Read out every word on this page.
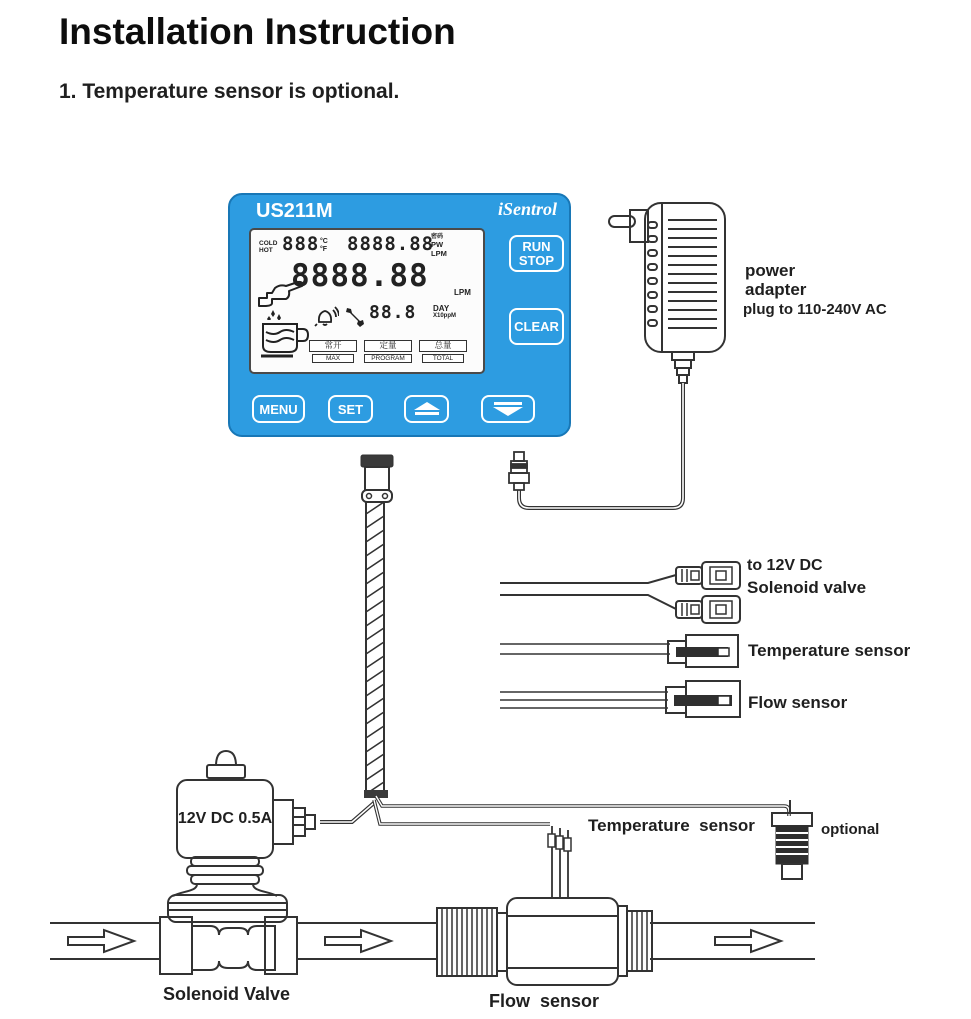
Installation Instruction
1. Temperature sensor is optional.
US211M	iSentrol
COLD
HOT 888 °C
°F 8888.88
密码
PW
LPM
8888.88	LPM
88.8 DAY
X10ppM
常开
MAX
定量
PROGRAM
总量
TOTAL
RUN
STOP
CLEAR
MENU	SET
power
adapter
plug to 110-240V AC
12V DC 0.5A
to 12V DC
Solenoid valve
Temperature sensor
Flow sensor
Temperature  sensor	optional
Solenoid Valve	Flow  sensor
